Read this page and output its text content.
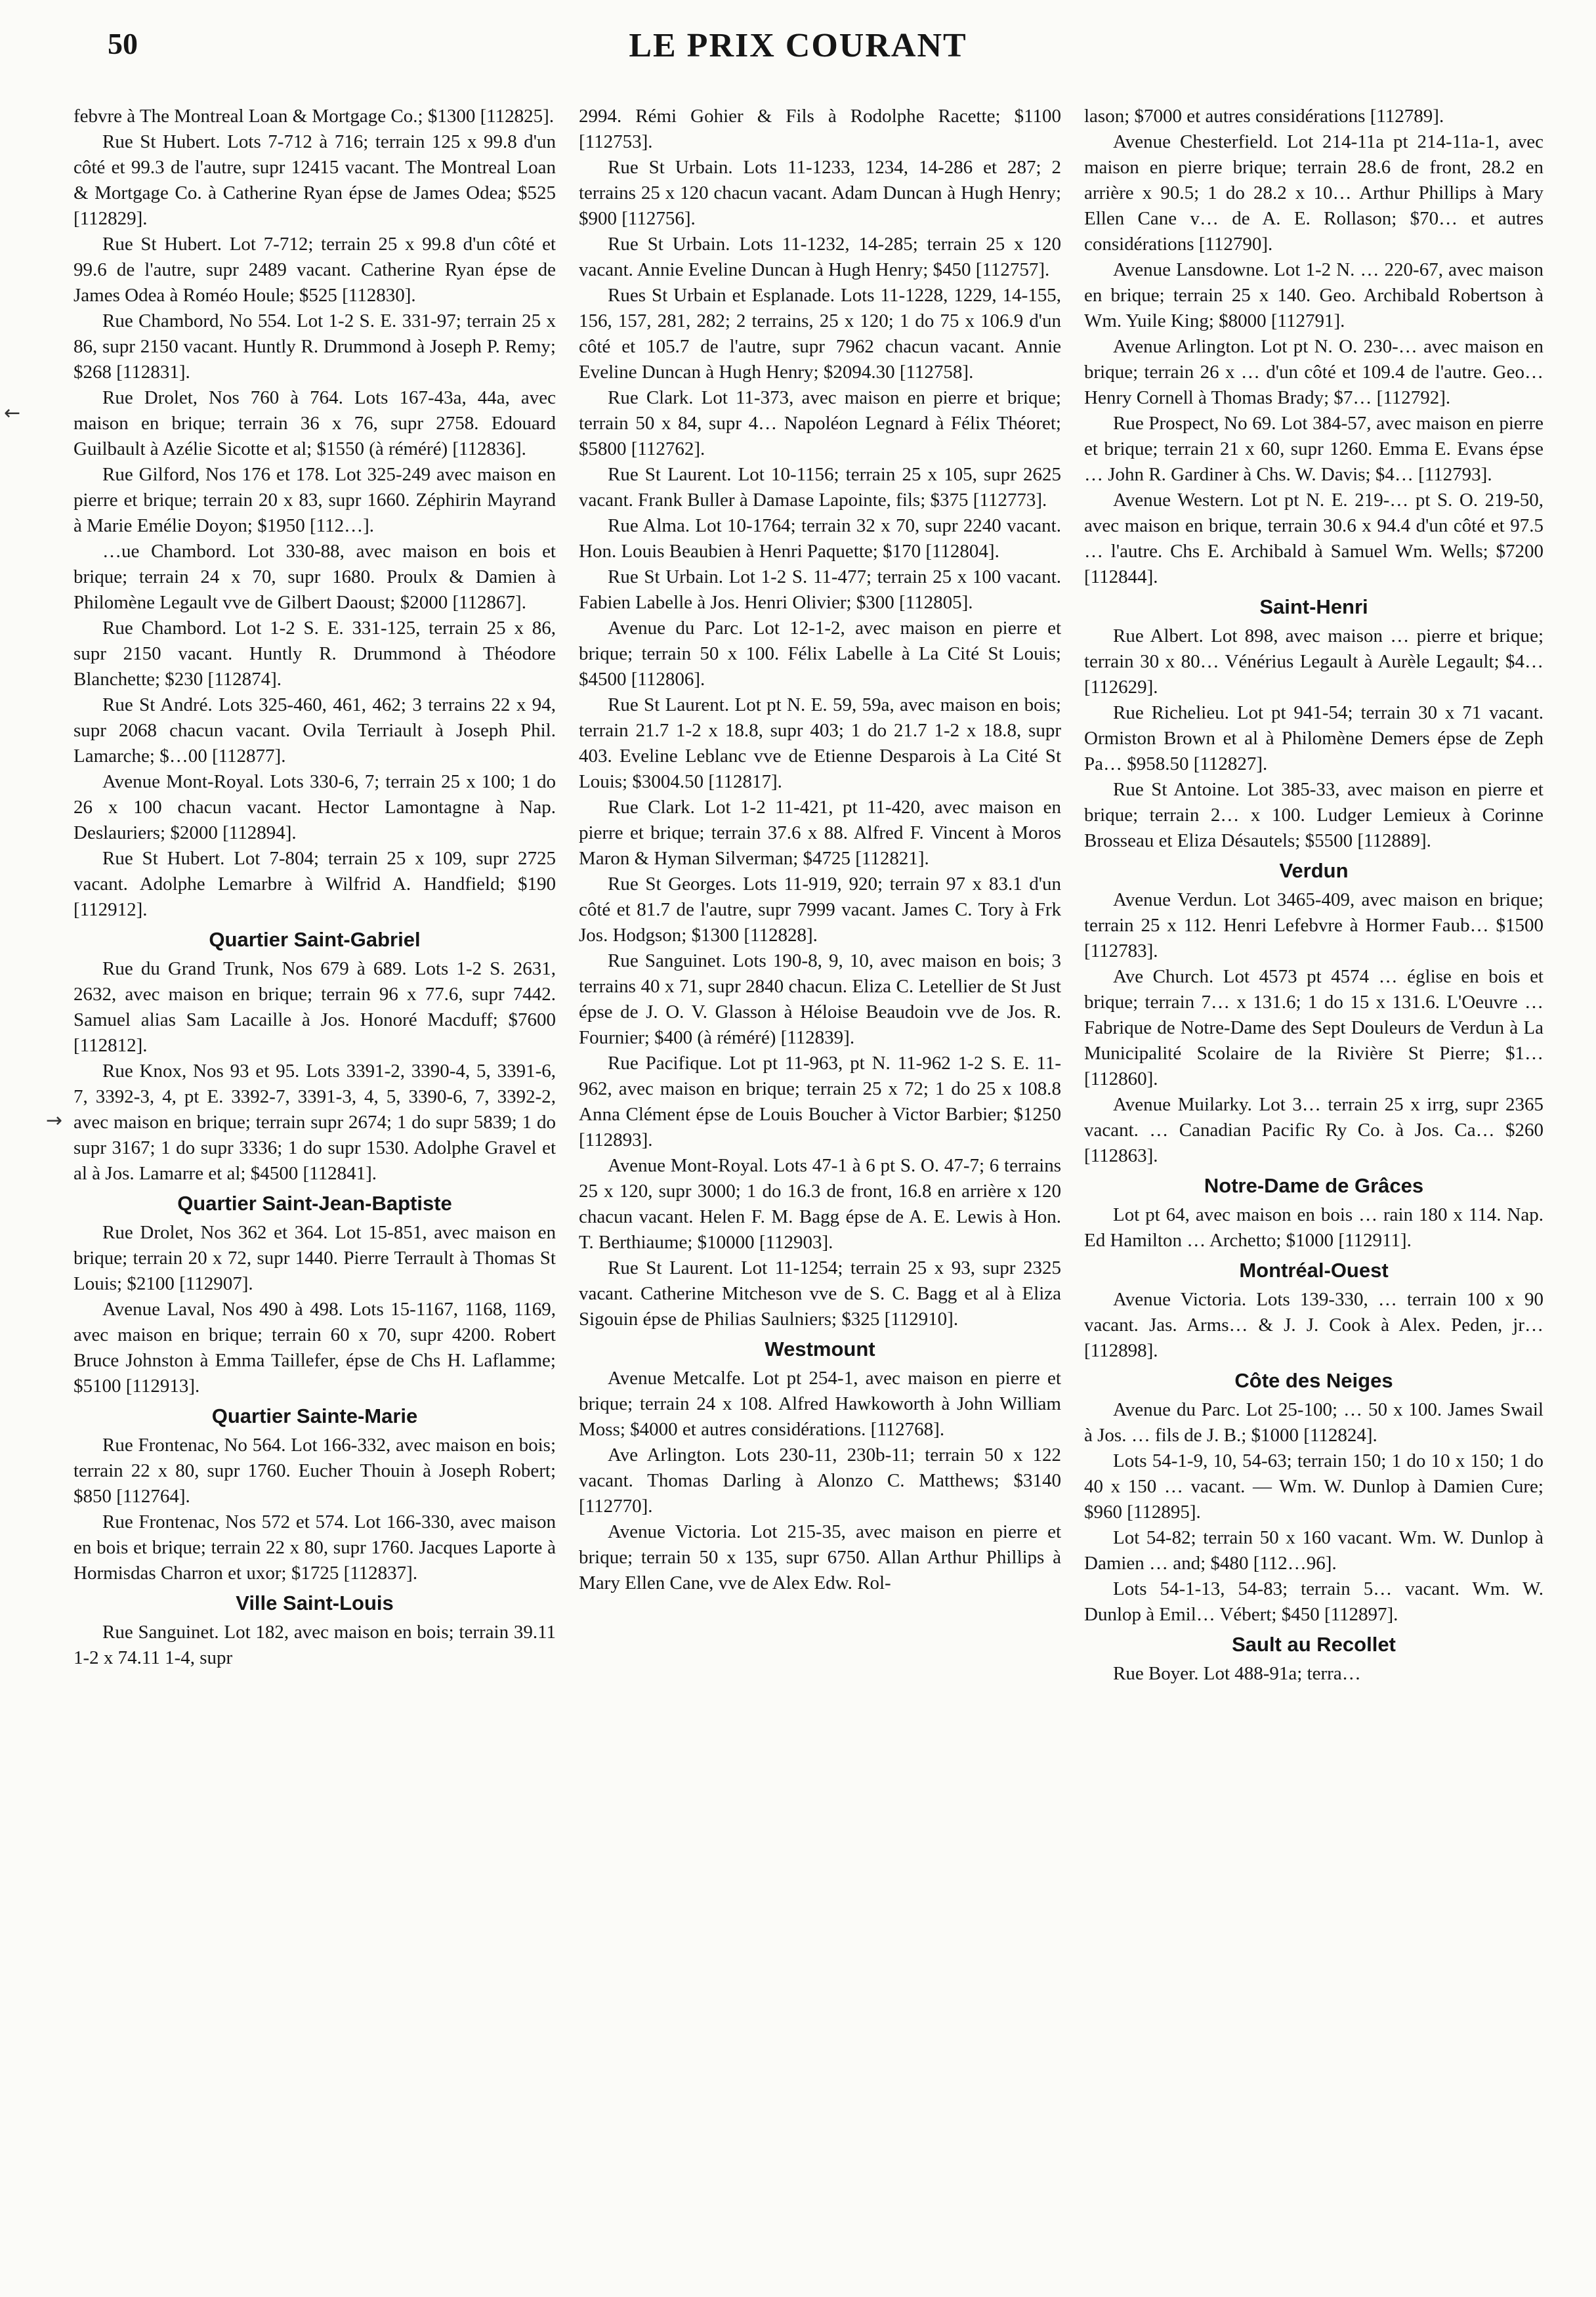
50	LE PRIX COURANT
←
→

febvre à The Montreal Loan & Mortgage Co.; $1300 [112825].

Rue St Hubert. Lots 7-712 à 716; terrain 125 x 99.8 d'un côté et 99.3 de l'autre, supr 12415 vacant. The Montreal Loan & Mortgage Co. à Catherine Ryan épse de James Odea; $525 [112829].

Rue St Hubert. Lot 7-712; terrain 25 x 99.8 d'un côté et 99.6 de l'autre, supr 2489 vacant. Catherine Ryan épse de James Odea à Roméo Houle; $525 [112830].

Rue Chambord, No 554. Lot 1-2 S. E. 331-97; terrain 25 x 86, supr 2150 vacant. Huntly R. Drummond à Joseph P. Remy; $268 [112831].

Rue Drolet, Nos 760 à 764. Lots 167-43a, 44a, avec maison en brique; terrain 36 x 76, supr 2758. Edouard Guilbault à Azélie Sicotte et al; $1550 (à réméré) [112836].

Rue Gilford, Nos 176 et 178. Lot 325-249 avec maison en pierre et brique; terrain 20 x 83, supr 1660. Zéphirin Mayrand à Marie Emélie Doyon; $1950 [112…].

…ue Chambord. Lot 330-88, avec maison en bois et brique; terrain 24 x 70, supr 1680. Proulx & Damien à Philomène Legault vve de Gilbert Daoust; $2000 [112867].

Rue Chambord. Lot 1-2 S. E. 331-125, terrain 25 x 86, supr 2150 vacant. Huntly R. Drummond à Théodore Blanchette; $230 [112874].

Rue St André. Lots 325-460, 461, 462; 3 terrains 22 x 94, supr 2068 chacun vacant. Ovila Terriault à Joseph Phil. Lamarche; $…00 [112877].

Avenue Mont-Royal. Lots 330-6, 7; terrain 25 x 100; 1 do 26 x 100 chacun vacant. Hector Lamontagne à Nap. Deslauriers; $2000 [112894].

Rue St Hubert. Lot 7-804; terrain 25 x 109, supr 2725 vacant. Adolphe Lemarbre à Wilfrid A. Handfield; $190 [112912].

Quartier Saint-Gabriel

Rue du Grand Trunk, Nos 679 à 689. Lots 1-2 S. 2631, 2632, avec maison en brique; terrain 96 x 77.6, supr 7442. Samuel alias Sam Lacaille à Jos. Honoré Macduff; $7600 [112812].

Rue Knox, Nos 93 et 95. Lots 3391-2, 3390-4, 5, 3391-6, 7, 3392-3, 4, pt E. 3392-7, 3391-3, 4, 5, 3390-6, 7, 3392-2, avec maison en brique; terrain supr 2674; 1 do supr 5839; 1 do supr 3167; 1 do supr 3336; 1 do supr 1530. Adolphe Gravel et al à Jos. Lamarre et al; $4500 [112841].

Quartier Saint-Jean-Baptiste

Rue Drolet, Nos 362 et 364. Lot 15-851, avec maison en brique; terrain 20 x 72, supr 1440. Pierre Terrault à Thomas St Louis; $2100 [112907].

Avenue Laval, Nos 490 à 498. Lots 15-1167, 1168, 1169, avec maison en brique; terrain 60 x 70, supr 4200. Robert Bruce Johnston à Emma Taillefer, épse de Chs H. Laflamme; $5100 [112913].

Quartier Sainte-Marie

Rue Frontenac, No 564. Lot 166-332, avec maison en bois; terrain 22 x 80, supr 1760. Eucher Thouin à Joseph Robert; $850 [112764].

Rue Frontenac, Nos 572 et 574. Lot 166-330, avec maison en bois et brique; terrain 22 x 80, supr 1760. Jacques Laporte à Hormisdas Charron et uxor; $1725 [112837].

Ville Saint-Louis

Rue Sanguinet. Lot 182, avec maison en bois; terrain 39.11 1-2 x 74.11 1-4, supr

2994. Rémi Gohier & Fils à Rodolphe Racette; $1100 [112753].

Rue St Urbain. Lots 11-1233, 1234, 14-286 et 287; 2 terrains 25 x 120 chacun vacant. Adam Duncan à Hugh Henry; $900 [112756].

Rue St Urbain. Lots 11-1232, 14-285; terrain 25 x 120 vacant. Annie Eveline Duncan à Hugh Henry; $450 [112757].

Rues St Urbain et Esplanade. Lots 11-1228, 1229, 14-155, 156, 157, 281, 282; 2 terrains, 25 x 120; 1 do 75 x 106.9 d'un côté et 105.7 de l'autre, supr 7962 chacun vacant. Annie Eveline Duncan à Hugh Henry; $2094.30 [112758].

Rue Clark. Lot 11-373, avec maison en pierre et brique; terrain 50 x 84, supr 4… Napoléon Legnard à Félix Théoret; $5800 [112762].

Rue St Laurent. Lot 10-1156; terrain 25 x 105, supr 2625 vacant. Frank Buller à Damase Lapointe, fils; $375 [112773].

Rue Alma. Lot 10-1764; terrain 32 x 70, supr 2240 vacant. Hon. Louis Beaubien à Henri Paquette; $170 [112804].

Rue St Urbain. Lot 1-2 S. 11-477; terrain 25 x 100 vacant. Fabien Labelle à Jos. Henri Olivier; $300 [112805].

Avenue du Parc. Lot 12-1-2, avec maison en pierre et brique; terrain 50 x 100. Félix Labelle à La Cité St Louis; $4500 [112806].

Rue St Laurent. Lot pt N. E. 59, 59a, avec maison en bois; terrain 21.7 1-2 x 18.8, supr 403; 1 do 21.7 1-2 x 18.8, supr 403. Eveline Leblanc vve de Etienne Desparois à La Cité St Louis; $3004.50 [112817].

Rue Clark. Lot 1-2 11-421, pt 11-420, avec maison en pierre et brique; terrain 37.6 x 88. Alfred F. Vincent à Moros Maron & Hyman Silverman; $4725 [112821].

Rue St Georges. Lots 11-919, 920; terrain 97 x 83.1 d'un côté et 81.7 de l'autre, supr 7999 vacant. James C. Tory à Frk Jos. Hodgson; $1300 [112828].

Rue Sanguinet. Lots 190-8, 9, 10, avec maison en bois; 3 terrains 40 x 71, supr 2840 chacun. Eliza C. Letellier de St Just épse de J. O. V. Glasson à Héloise Beaudoin vve de Jos. R. Fournier; $400 (à réméré) [112839].

Rue Pacifique. Lot pt 11-963, pt N. 11-962 1-2 S. E. 11-962, avec maison en brique; terrain 25 x 72; 1 do 25 x 108.8 Anna Clément épse de Louis Boucher à Victor Barbier; $1250 [112893].

Avenue Mont-Royal. Lots 47-1 à 6 pt S. O. 47-7; 6 terrains 25 x 120, supr 3000; 1 do 16.3 de front, 16.8 en arrière x 120 chacun vacant. Helen F. M. Bagg épse de A. E. Lewis à Hon. T. Berthiaume; $10000 [112903].

Rue St Laurent. Lot 11-1254; terrain 25 x 93, supr 2325 vacant. Catherine Mitcheson vve de S. C. Bagg et al à Eliza Sigouin épse de Philias Saulniers; $325 [112910].

Westmount

Avenue Metcalfe. Lot pt 254-1, avec maison en pierre et brique; terrain 24 x 108. Alfred Hawkoworth à John William Moss; $4000 et autres considérations. [112768].

Ave Arlington. Lots 230-11, 230b-11; terrain 50 x 122 vacant. Thomas Darling à Alonzo C. Matthews; $3140 [112770].

Avenue Victoria. Lot 215-35, avec maison en pierre et brique; terrain 50 x 135, supr 6750. Allan Arthur Phillips à Mary Ellen Cane, vve de Alex Edw. Rol-

lason; $7000 et autres considérations [112789].

Avenue Chesterfield. Lot 214-11a pt 214-11a-1, avec maison en pierre brique; terrain 28.6 de front, 28.2 en arrière x 90.5; 1 do 28.2 x 10… Arthur Phillips à Mary Ellen Cane v… de A. E. Rollason; $70… et autres considérations [112790].

Avenue Lansdowne. Lot 1-2 N. … 220-67, avec maison en brique; terrain 25 x 140. Geo. Archibald Robertson à Wm. Yuile King; $8000 [112791].

Avenue Arlington. Lot pt N. O. 230-… avec maison en brique; terrain 26 x … d'un côté et 109.4 de l'autre. Geo… Henry Cornell à Thomas Brady; $7… [112792].

Rue Prospect, No 69. Lot 384-57, avec maison en pierre et brique; terrain 21 x 60, supr 1260. Emma E. Evans épse … John R. Gardiner à Chs. W. Davis; $4… [112793].

Avenue Western. Lot pt N. E. 219-… pt S. O. 219-50, avec maison en brique, terrain 30.6 x 94.4 d'un côté et 97.5 … l'autre. Chs E. Archibald à Samuel Wm. Wells; $7200 [112844].

Saint-Henri

Rue Albert. Lot 898, avec maison … pierre et brique; terrain 30 x 80… Vénérius Legault à Aurèle Legault; $4… [112629].

Rue Richelieu. Lot pt 941-54; terrain 30 x 71 vacant. Ormiston Brown et al à Philomène Demers épse de Zeph Pa… $958.50 [112827].

Rue St Antoine. Lot 385-33, avec maison en pierre et brique; terrain 2… x 100. Ludger Lemieux à Corinne Brosseau et Eliza Désautels; $5500 [112889].

Verdun

Avenue Verdun. Lot 3465-409, avec maison en brique; terrain 25 x 112. Henri Lefebvre à Hormer Faub… $1500 [112783].

Ave Church. Lot 4573 pt 4574 … église en bois et brique; terrain 7… x 131.6; 1 do 15 x 131.6. L'Oeuvre … Fabrique de Notre-Dame des Sept Douleurs de Verdun à La Municipalité Scolaire de la Rivière St Pierre; $1… [112860].

Avenue Muilarky. Lot 3… terrain 25 x irrg, supr 2365 vacant. … Canadian Pacific Ry Co. à Jos. Ca… $260 [112863].

Notre-Dame de Grâces

Lot pt 64, avec maison en bois … rain 180 x 114. Nap. Ed Hamilton … Archetto; $1000 [112911].

Montréal-Ouest

Avenue Victoria. Lots 139-330, … terrain 100 x 90 vacant. Jas. Arms… & J. J. Cook à Alex. Peden, jr… [112898].

Côte des Neiges

Avenue du Parc. Lot 25-100; … 50 x 100. James Swail à Jos. … fils de J. B.; $1000 [112824].

Lots 54-1-9, 10, 54-63; terrain 150; 1 do 10 x 150; 1 do 40 x 150 … vacant. — Wm. W. Dunlop à Damien Cure; $960 [112895].

Lot 54-82; terrain 50 x 160 vacant. Wm. W. Dunlop à Damien … and; $480 [112…96].

Lots 54-1-13, 54-83; terrain 5… vacant. Wm. W. Dunlop à Emil… Vébert; $450 [112897].

Sault au Recollet

Rue Boyer. Lot 488-91a; terra…
